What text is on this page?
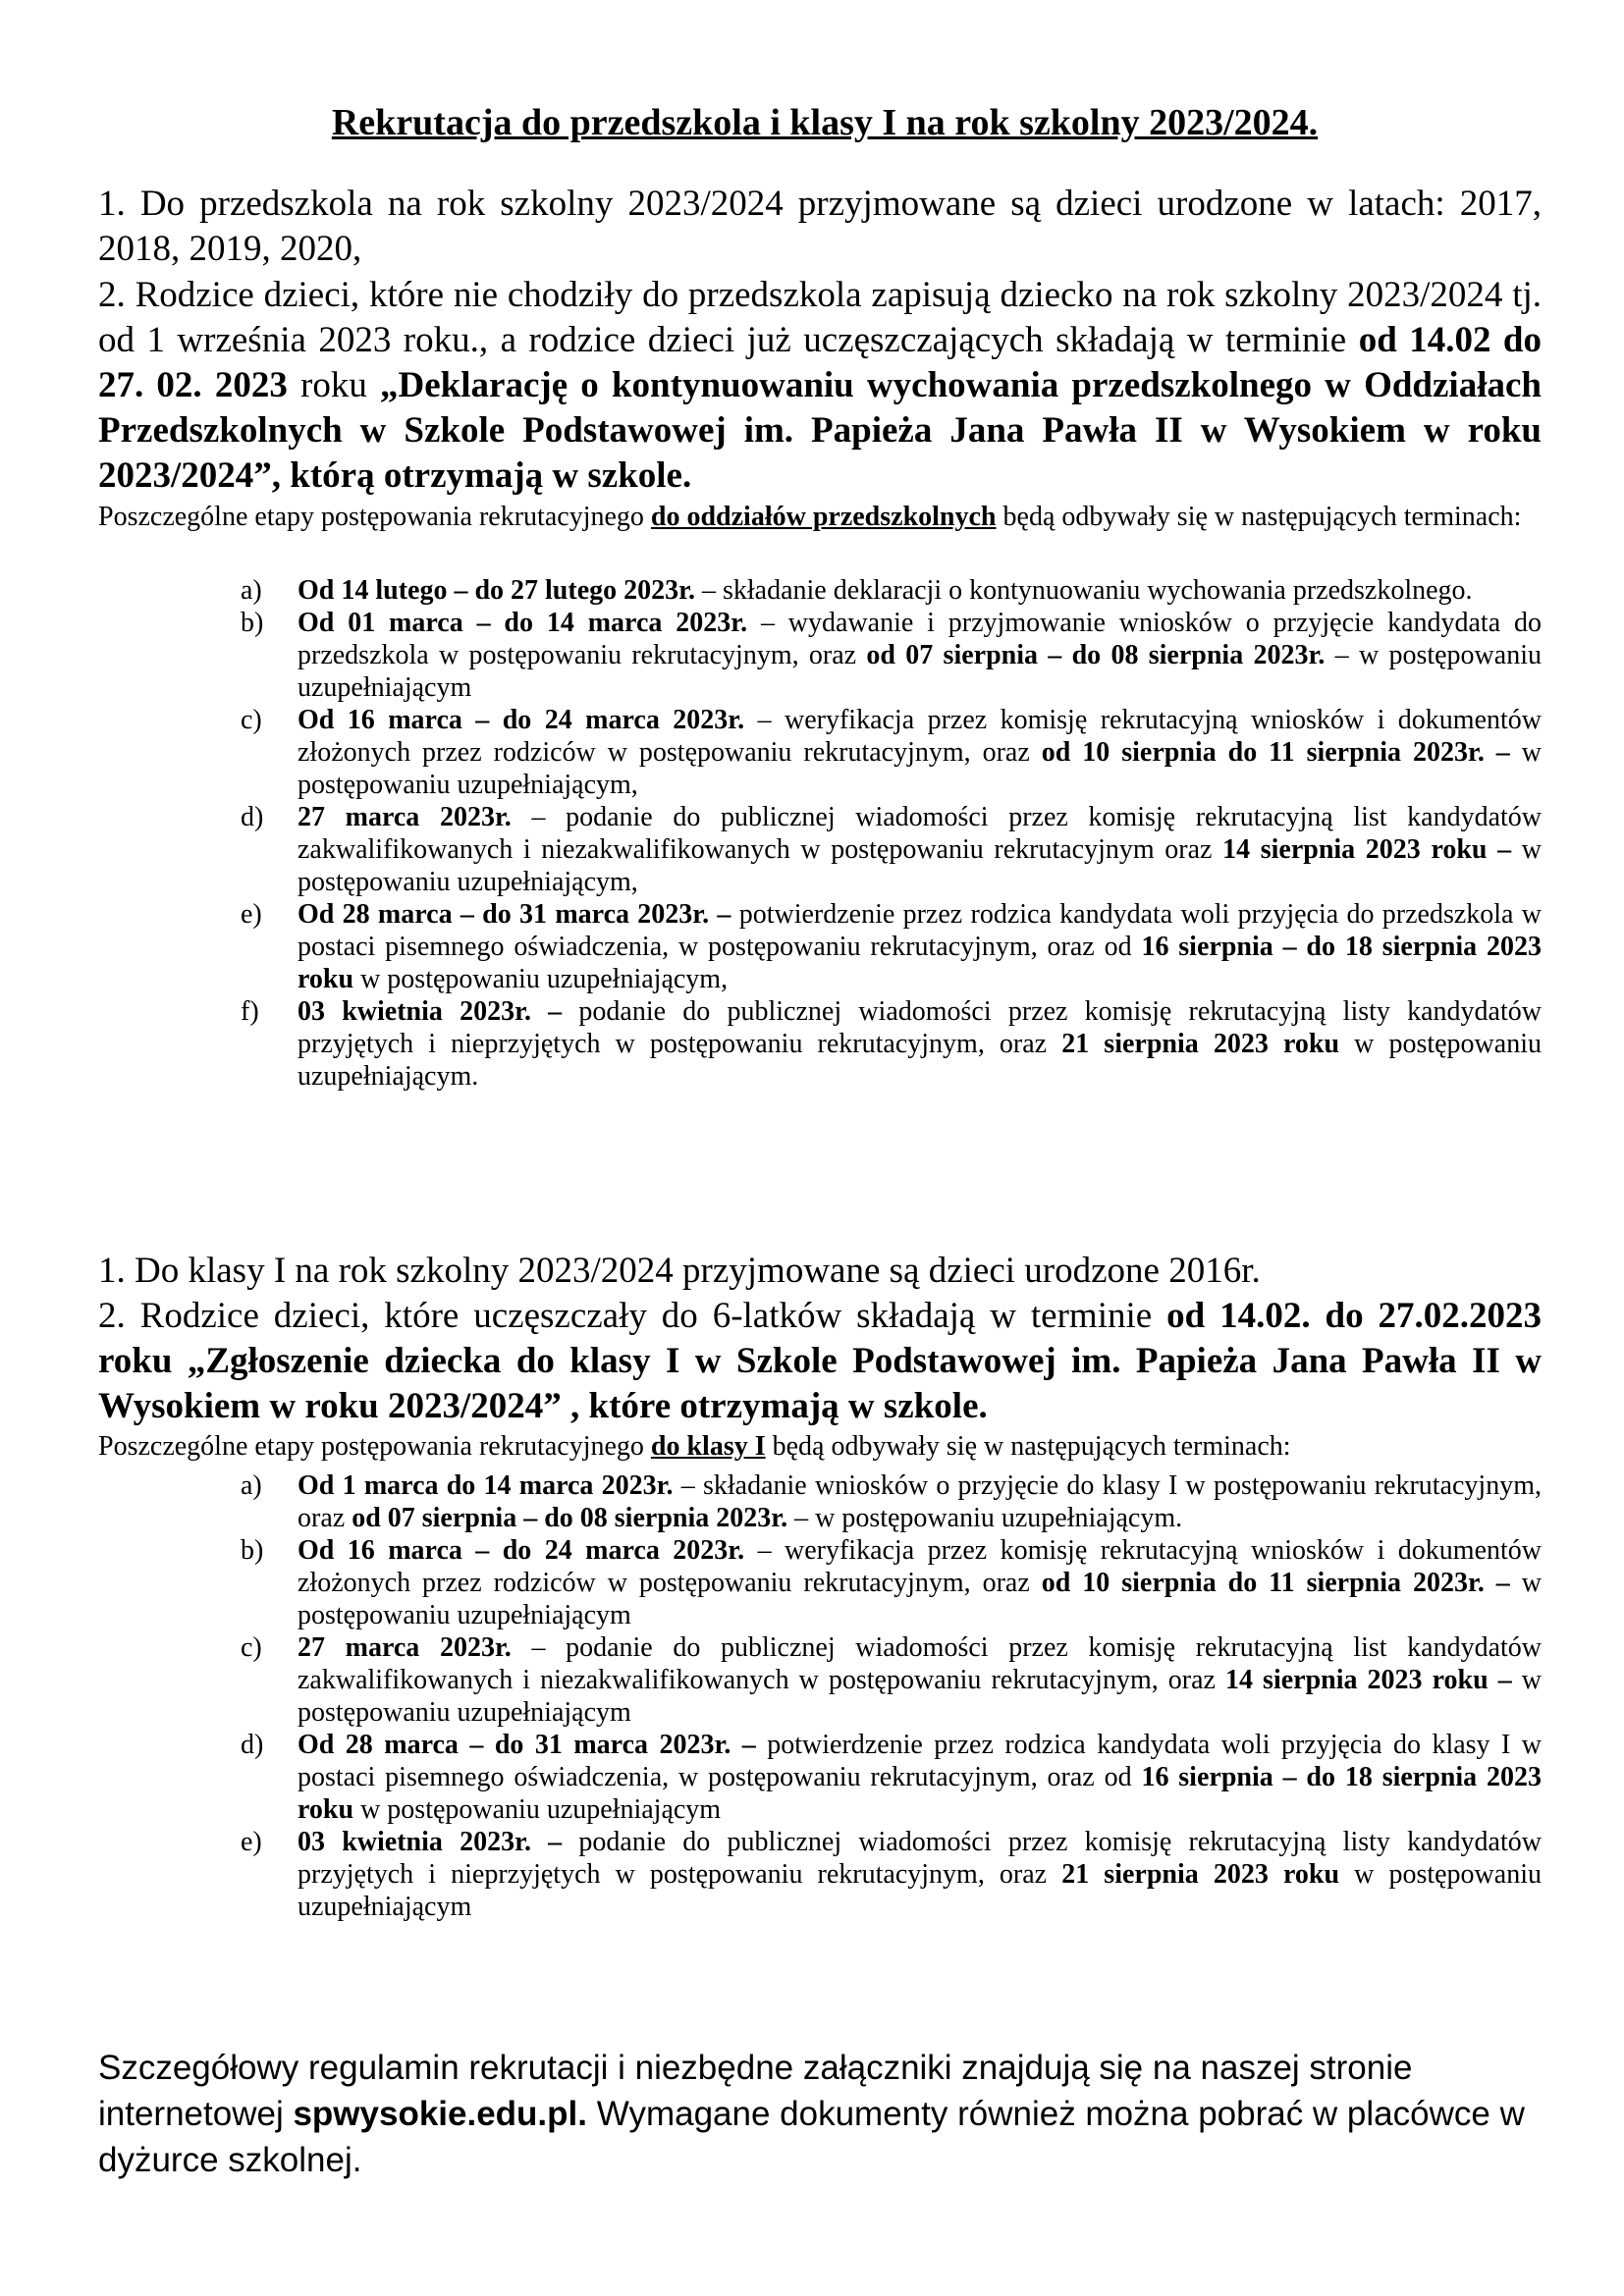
Rekrutacja do przedszkola i klasy I na rok szkolny 2023/2024.

1. Do przedszkola na rok szkolny 2023/2024 przyjmowane są dzieci urodzone w latach: 2017, 2018, 2019, 2020,

2. Rodzice dzieci, które nie chodziły do przedszkola zapisują dziecko na rok szkolny 2023/2024 tj. od 1 września 2023 roku., a rodzice dzieci już uczęszczających składają w terminie od 14.02 do 27. 02. 2023 roku „Deklarację o kontynuowaniu wychowania przedszkolnego w Oddziałach Przedszkolnych w Szkole Podstawowej im. Papieża Jana Pawła II w Wysokiem w roku 2023/2024”, którą otrzymają w szkole.

Poszczególne etapy postępowania rekrutacyjnego do oddziałów przedszkolnych będą odbywały się w następujących terminach:

a) Od 14 lutego – do 27 lutego 2023r. – składanie deklaracji o kontynuowaniu wychowania przedszkolnego.
b) Od 01 marca – do 14 marca 2023r. – wydawanie i przyjmowanie wniosków o przyjęcie kandydata do przedszkola w postępowaniu rekrutacyjnym, oraz od 07 sierpnia – do 08 sierpnia 2023r. – w postępowaniu uzupełniającym
c) Od 16 marca – do 24 marca 2023r. – weryfikacja przez komisję rekrutacyjną wniosków i dokumentów złożonych przez rodziców w postępowaniu rekrutacyjnym, oraz od 10 sierpnia do 11 sierpnia 2023r. – w postępowaniu uzupełniającym,
d) 27 marca 2023r. – podanie do publicznej wiadomości przez komisję rekrutacyjną list kandydatów zakwalifikowanych i niezakwalifikowanych w postępowaniu rekrutacyjnym oraz 14 sierpnia 2023 roku – w postępowaniu uzupełniającym,
e) Od 28 marca – do 31 marca 2023r. – potwierdzenie przez rodzica kandydata woli przyjęcia do przedszkola w postaci pisemnego oświadczenia, w postępowaniu rekrutacyjnym, oraz od 16 sierpnia – do 18 sierpnia 2023 roku w postępowaniu uzupełniającym,
f) 03 kwietnia 2023r. – podanie do publicznej wiadomości przez komisję rekrutacyjną listy kandydatów przyjętych i nieprzyjętych w postępowaniu rekrutacyjnym, oraz 21 sierpnia 2023 roku w postępowaniu uzupełniającym.

1. Do klasy I na rok szkolny 2023/2024 przyjmowane są dzieci urodzone 2016r.

2. Rodzice dzieci, które uczęszczały do 6-latków składają w terminie od 14.02. do 27.02.2023 roku „Zgłoszenie dziecka do klasy I w Szkole Podstawowej im. Papieża Jana Pawła II w Wysokiem w roku 2023/2024” , które otrzymają w szkole.

Poszczególne etapy postępowania rekrutacyjnego do klasy I będą odbywały się w następujących terminach:

a) Od 1 marca do 14 marca 2023r. – składanie wniosków o przyjęcie do klasy I w postępowaniu rekrutacyjnym, oraz od 07 sierpnia – do 08 sierpnia 2023r. – w postępowaniu uzupełniającym.
b) Od 16 marca – do 24 marca 2023r. – weryfikacja przez komisję rekrutacyjną wniosków i dokumentów złożonych przez rodziców w postępowaniu rekrutacyjnym, oraz od 10 sierpnia do 11 sierpnia 2023r. – w postępowaniu uzupełniającym
c) 27 marca 2023r. – podanie do publicznej wiadomości przez komisję rekrutacyjną list kandydatów zakwalifikowanych i niezakwalifikowanych w postępowaniu rekrutacyjnym, oraz 14 sierpnia 2023 roku – w postępowaniu uzupełniającym
d) Od 28 marca – do 31 marca 2023r. – potwierdzenie przez rodzica kandydata woli przyjęcia do klasy I w postaci pisemnego oświadczenia, w postępowaniu rekrutacyjnym, oraz od 16 sierpnia – do 18 sierpnia 2023 roku w postępowaniu uzupełniającym
e) 03 kwietnia 2023r. – podanie do publicznej wiadomości przez komisję rekrutacyjną listy kandydatów przyjętych i nieprzyjętych w postępowaniu rekrutacyjnym, oraz 21 sierpnia 2023 roku w postępowaniu uzupełniającym

Szczegółowy regulamin rekrutacji i niezbędne załączniki znajdują się na naszej stronie internetowej spwysokie.edu.pl. Wymagane dokumenty również można pobrać w placówce w dyżurce szkolnej.
